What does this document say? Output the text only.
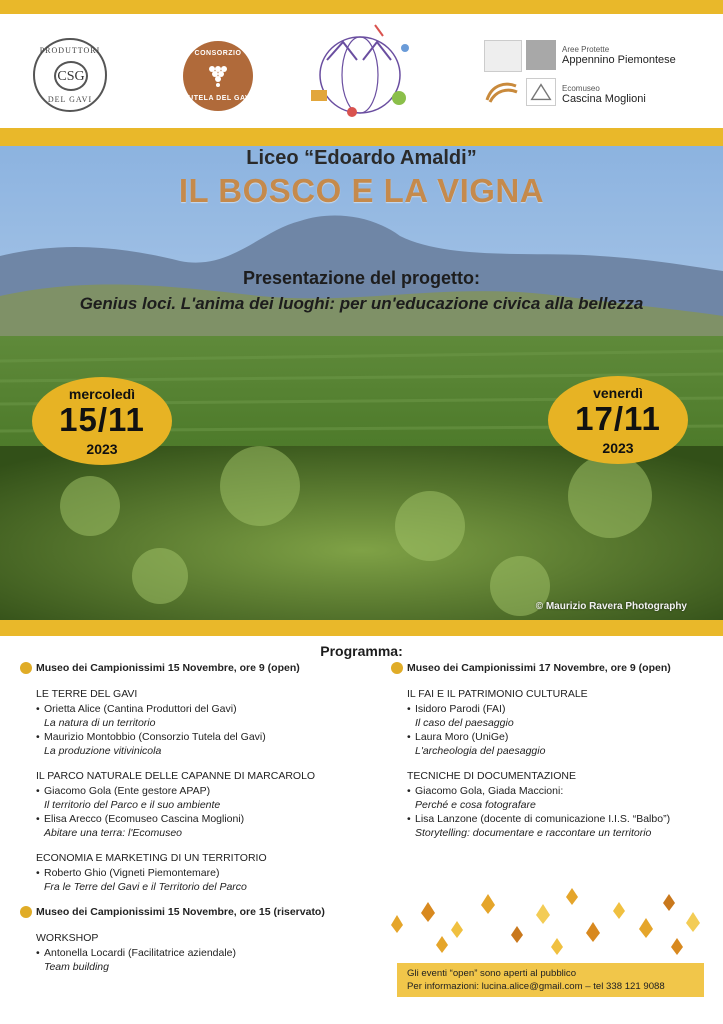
PRODUTTORI
CSG
DEL GAVI
CONSORZIO
TUTELA DEL GAVI
Aree Protette
Appennino Piemontese
Ecomuseo
Cascina Moglioni
Liceo “Edoardo Amaldi”
IL BOSCO E LA VIGNA
Presentazione del progetto:
Genius loci. L'anima dei luoghi: per un'educazione civica alla bellezza
mercoledì
15/11
2023
venerdì
17/11
2023
© Maurizio Ravera Photography
Programma:
Museo dei Campionissimi 15 Novembre, ore 9 (open)
LE TERRE DEL GAVI
• Orietta Alice (Cantina Produttori del Gavi)
La natura di un territorio
• Maurizio Montobbio (Consorzio Tutela del Gavi)
La produzione vitivinicola
IL PARCO NATURALE DELLE CAPANNE DI MARCAROLO
• Giacomo Gola (Ente gestore APAP)
Il territorio del Parco e il suo ambiente
• Elisa Arecco (Ecomuseo Cascina Moglioni)
Abitare una terra: l'Ecomuseo
ECONOMIA E MARKETING DI UN TERRITORIO
• Roberto Ghio (Vigneti Piemontemare)
Fra le Terre del Gavi e il Territorio del Parco
Museo dei Campionissimi 15 Novembre, ore 15 (riservato)
WORKSHOP
• Antonella Locardi (Facilitatrice aziendale)
Team building
Museo dei Campionissimi 17 Novembre, ore 9 (open)
IL FAI E IL PATRIMONIO CULTURALE
• Isidoro Parodi (FAI)
Il caso del paesaggio
• Laura Moro (UniGe)
L'archeologia del paesaggio
TECNICHE DI DOCUMENTAZIONE
• Giacomo Gola, Giada Maccioni:
Perché e cosa fotografare
• Lisa Lanzone (docente di comunicazione I.I.S. “Balbo”)
Storytelling: documentare e raccontare un territorio
Gli eventi “open” sono aperti al pubblico
Per informazioni: lucina.alice@gmail.com – tel 338 121 9088
